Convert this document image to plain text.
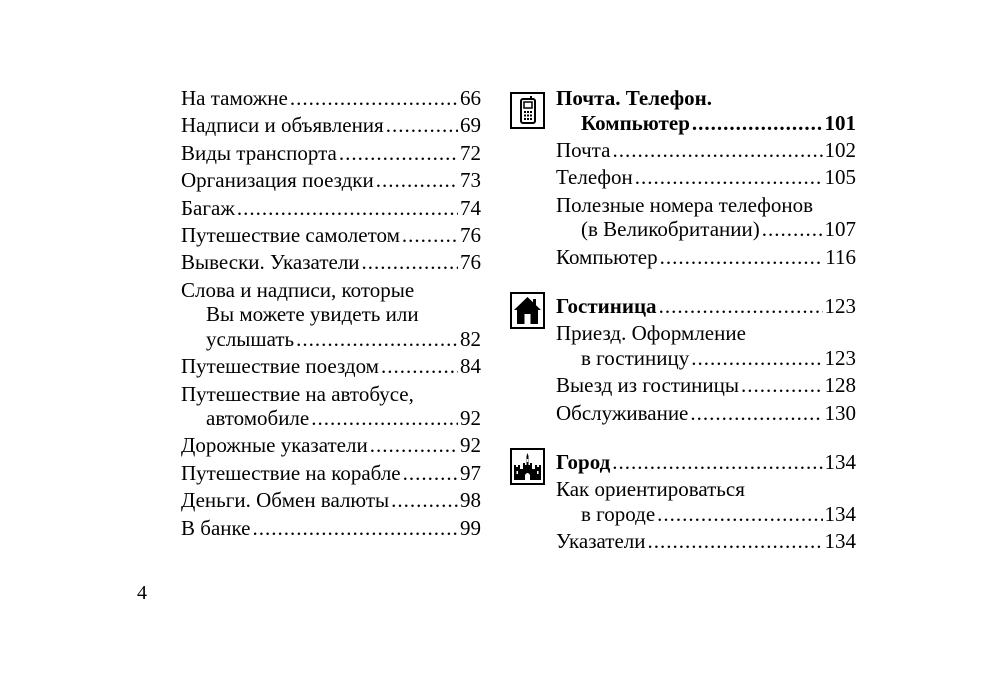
На таможне .....	66
Надписи и объявления .....	69
Виды транспорта .....	72
Организация поездки .....	73
Багаж .....	74
Путешествие самолетом .....	76
Вывески. Указатели .....	76
Слова и надписи, которые
Вы можете увидеть или
услышать .....	82
Путешествие поездом .....	84
Путешествие на автобусе,
автомобиле .....	92
Дорожные указатели .....	92
Путешествие на корабле .....	97
Деньги. Обмен валюты .....	98
В банке .....	99
Почта. Телефон.
Компьютер .....	101
Почта .....	102
Телефон .....	105
Полезные номера телефонов
(в Великобритании) .....	107
Компьютер .....	116
Гостиница .....	123
Приезд. Оформление
в гостиницу .....	123
Выезд из гостиницы .....	128
Обслуживание .....	130
Город .....	134
Как ориентироваться
в городе .....	134
Указатели .....	134
4
